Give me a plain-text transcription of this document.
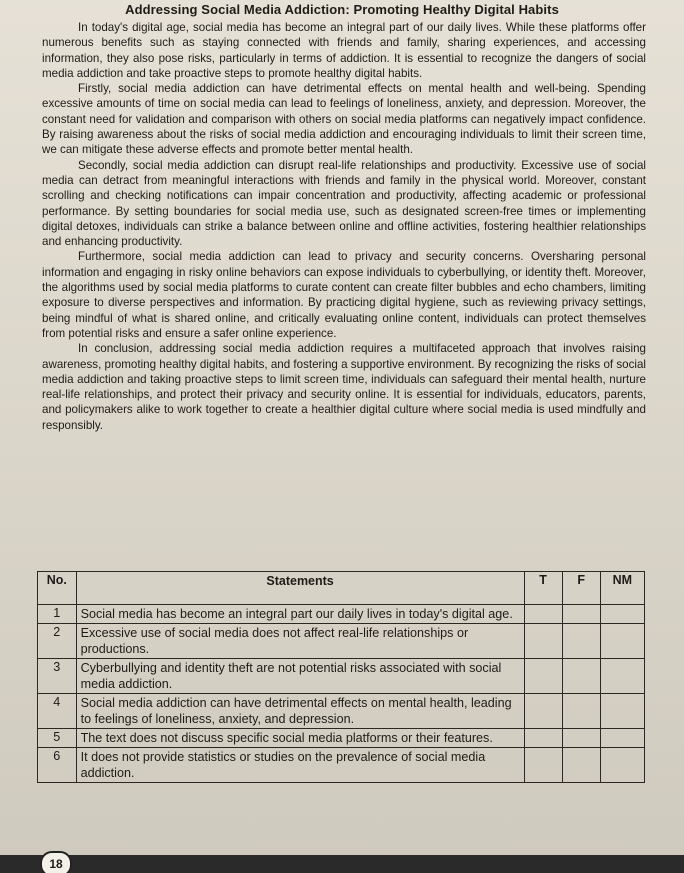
Addressing Social Media Addiction: Promoting Healthy Digital Habits

In today's digital age, social media has become an integral part of our daily lives. While these platforms offer numerous benefits such as staying connected with friends and family, sharing experiences, and accessing information, they also pose risks, particularly in terms of addiction. It is essential to recognize the dangers of social media addiction and take proactive steps to promote healthy digital habits.

Firstly, social media addiction can have detrimental effects on mental health and well-being. Spending excessive amounts of time on social media can lead to feelings of loneliness, anxiety, and depression. Moreover, the constant need for validation and comparison with others on social media platforms can negatively impact confidence. By raising awareness about the risks of social media addiction and encouraging individuals to limit their screen time, we can mitigate these adverse effects and promote better mental health.

Secondly, social media addiction can disrupt real-life relationships and productivity. Excessive use of social media can detract from meaningful interactions with friends and family in the physical world. Moreover, constant scrolling and checking notifications can impair concentration and productivity, affecting academic or professional performance. By setting boundaries for social media use, such as designated screen-free times or implementing digital detoxes, individuals can strike a balance between online and offline activities, fostering healthier relationships and enhancing productivity.

Furthermore, social media addiction can lead to privacy and security concerns. Oversharing personal information and engaging in risky online behaviors can expose individuals to cyberbullying, or identity theft. Moreover, the algorithms used by social media platforms to curate content can create filter bubbles and echo chambers, limiting exposure to diverse perspectives and information. By practicing digital hygiene, such as reviewing privacy settings, being mindful of what is shared online, and critically evaluating online content, individuals can protect themselves from potential risks and ensure a safer online experience.

In conclusion, addressing social media addiction requires a multifaceted approach that involves raising awareness, promoting healthy digital habits, and fostering a supportive environment. By recognizing the risks of social media addiction and taking proactive steps to limit screen time, individuals can safeguard their mental health, nurture real-life relationships, and protect their privacy and security online. It is essential for individuals, educators, parents, and policymakers alike to work together to create a healthier digital culture where social media is used mindfully and responsibly.

No.	Statements	T	F	NM
1	Social media has become an integral part our daily lives in today's digital age.			
2	Excessive use of social media does not affect real-life relationships or productions.			
3	Cyberbullying and identity theft are not potential risks associated with social media addiction.			
4	Social media addiction can have detrimental effects on mental health, leading to feelings of loneliness, anxiety, and depression.			
5	The text does not discuss specific social media platforms or their features.			
6	It does not provide statistics or studies on the prevalence of social media addiction.			
18
